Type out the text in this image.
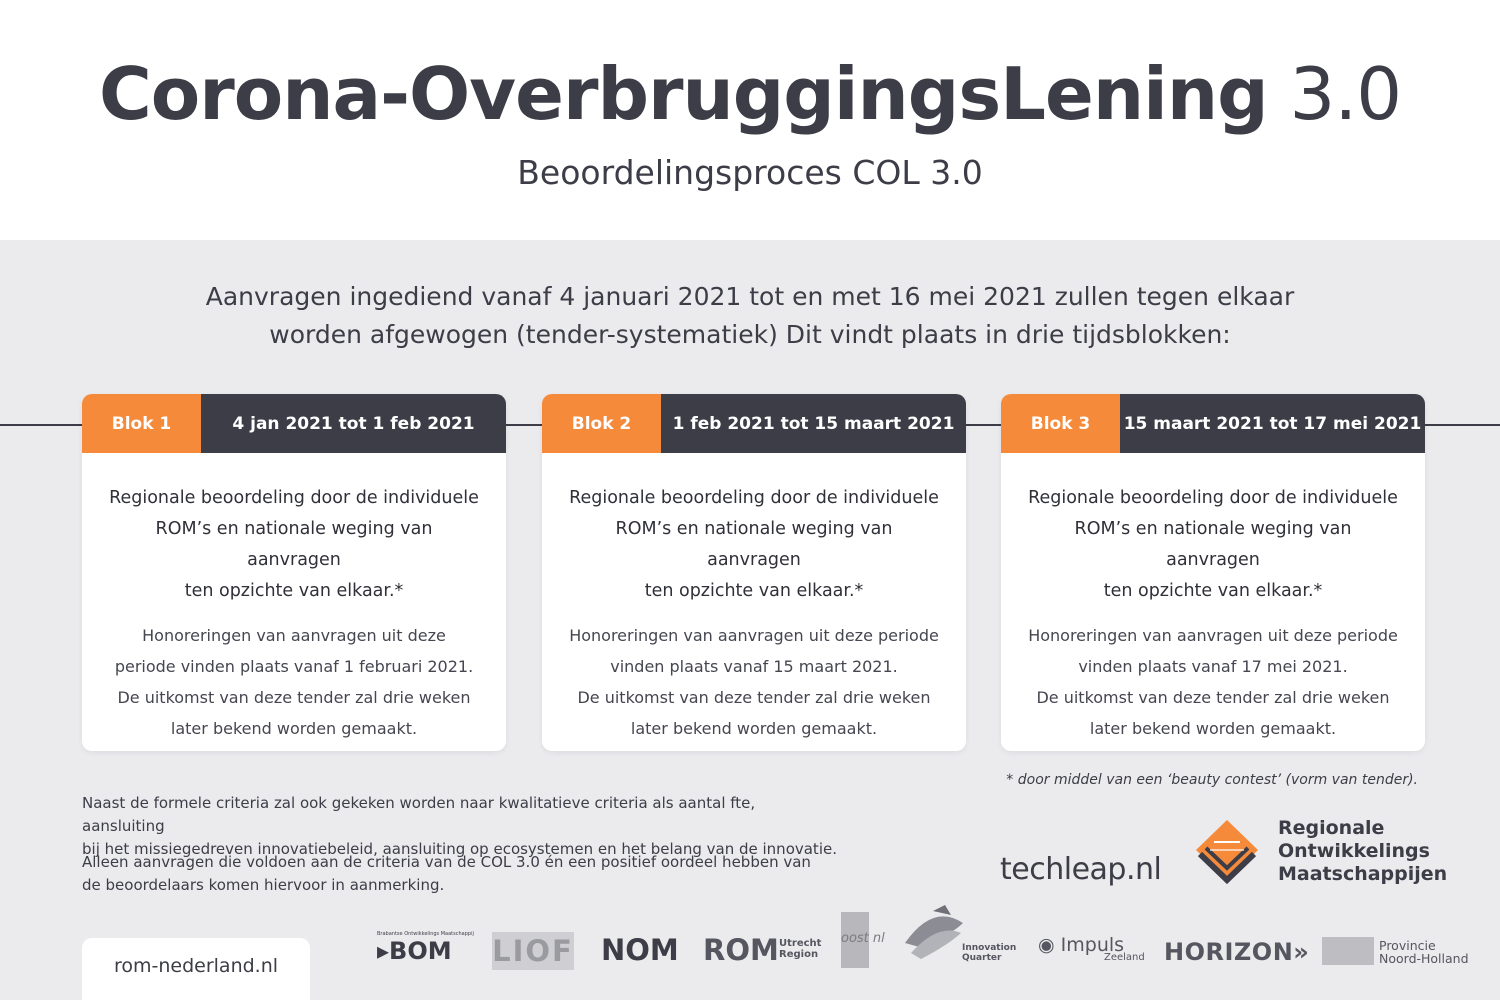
Corona-OverbruggingsLening 3.0
Beoordelingsproces COL 3.0
Aanvragen ingediend vanaf 4 januari 2021 tot en met 16 mei 2021 zullen tegen elkaar
worden afgewogen (tender-systematiek) Dit vindt plaats in drie tijdsblokken:
Blok 1	4 jan 2021 tot 1 feb 2021
Regionale beoordeling door de individuele
ROM’s en nationale weging van aanvragen
ten opzichte van elkaar.*
Honoreringen van aanvragen uit deze
periode vinden plaats vanaf 1 februari 2021.
De uitkomst van deze tender zal drie weken
later bekend worden gemaakt.
Blok 2	1 feb 2021 tot 15 maart 2021
Regionale beoordeling door de individuele
ROM’s en nationale weging van aanvragen
ten opzichte van elkaar.*
Honoreringen van aanvragen uit deze periode
vinden plaats vanaf 15 maart 2021.
De uitkomst van deze tender zal drie weken
later bekend worden gemaakt.
Blok 3	15 maart 2021 tot 17 mei 2021
Regionale beoordeling door de individuele
ROM’s en nationale weging van aanvragen
ten opzichte van elkaar.*
Honoreringen van aanvragen uit deze periode
vinden plaats vanaf 17 mei 2021.
De uitkomst van deze tender zal drie weken
later bekend worden gemaakt.
* door middel van een ‘beauty contest’ (vorm van tender).
Naast de formele criteria zal ook gekeken worden naar kwalitatieve criteria als aantal fte, aansluiting
bij het missiegedreven innovatiebeleid, aansluiting op ecosystemen en het belang van de innovatie.
Alleen aanvragen die voldoen aan de criteria van de COL 3.0 én een positief oordeel hebben van
de beoordelaars komen hiervoor in aanmerking.	techleap.nl
Regionale
Ontwikkelings
Maatschappijen
rom-nederland.nl
Brabantse Ontwikkelings Maatschappij
▸BOM LIOF NOM ROM Utrecht
Region
oost nl
Innovation
Quarter
◉ Impuls
Zeeland HORIZON»	Provincie
Noord-Holland
